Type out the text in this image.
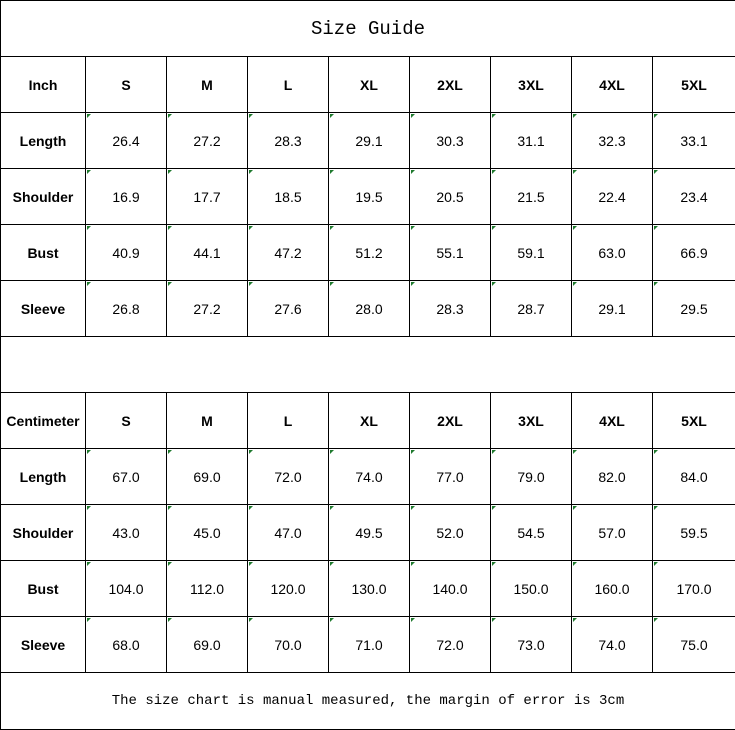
Size Guide								
Inch	S	M	L	XL	2XL	3XL	4XL	5XL
Length	26.4	27.2	28.3	29.1	30.3	31.1	32.3	33.1
Shoulder	16.9	17.7	18.5	19.5	20.5	21.5	22.4	23.4
Bust	40.9	44.1	47.2	51.2	55.1	59.1	63.0	66.9
Sleeve	26.8	27.2	27.6	28.0	28.3	28.7	29.1	29.5

Centimeter	S	M	L	XL	2XL	3XL	4XL	5XL
Length	67.0	69.0	72.0	74.0	77.0	79.0	82.0	84.0
Shoulder	43.0	45.0	47.0	49.5	52.0	54.5	57.0	59.5
Bust	104.0	112.0	120.0	130.0	140.0	150.0	160.0	170.0
Sleeve	68.0	69.0	70.0	71.0	72.0	73.0	74.0	75.0
The size chart is manual measured, the margin of error is 3cm								
